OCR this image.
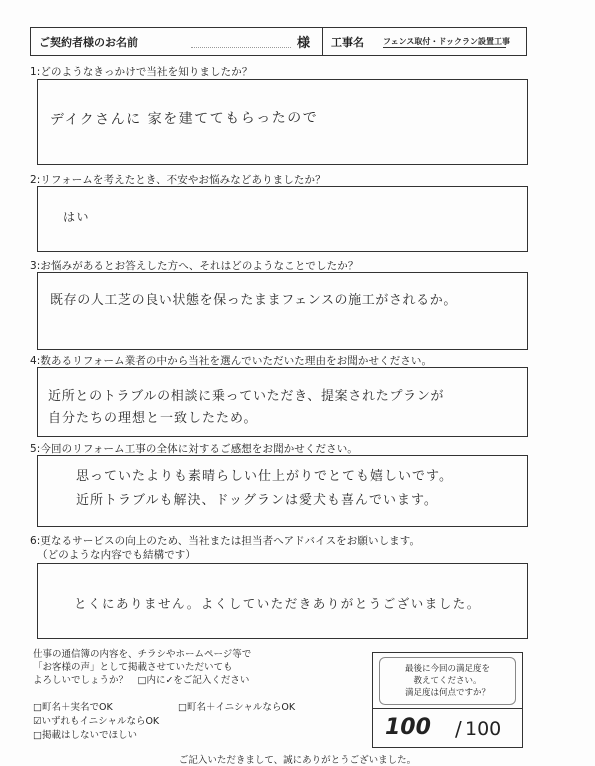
ご契約者様のお名前	様 工事名 フェンス取付・ドックラン設置工事
1:どのようなきっかけで当社を知りましたか？
デイクさんに 家を建ててもらったので
2:リフォームを考えたとき、不安やお悩みなどありましたか？
はい
3:お悩みがあるとお答えした方へ、それはどのようなことでしたか？
既存の人工芝の良い状態を保ったままフェンスの施工がされるか。
4:数あるリフォーム業者の中から当社を選んでいただいた理由をお聞かせください。
近所とのトラブルの相談に乗っていただき、提案されたプランが
自分たちの理想と一致したため。
5:今回のリフォーム工事の全体に対するご感想をお聞かせください。
思っていたよりも素晴らしい仕上がりでとても嬉しいです。
近所トラブルも解決、ドッグランは愛犬も喜んでいます。
6:更なるサービスの向上のため、当社または担当者へアドバイスをお願いします。
（どのような内容でも結構です）
とくにありません。よくしていただきありがとうございました。
仕事の通信簿の内容を、チラシやホームページ等で
「お客様の声」として掲載させていただいても
よろしいでしょうか？　□内に✓をご記入ください
□町名＋実名でOK	□町名＋イニシャルならOK
☑いずれもイニシャルならOK
□掲載はしないでほしい
最後に今回の満足度を
教えてください。
満足度は何点ですか？
100 / 100
ご記入いただきまして、誠にありがとうございました。
